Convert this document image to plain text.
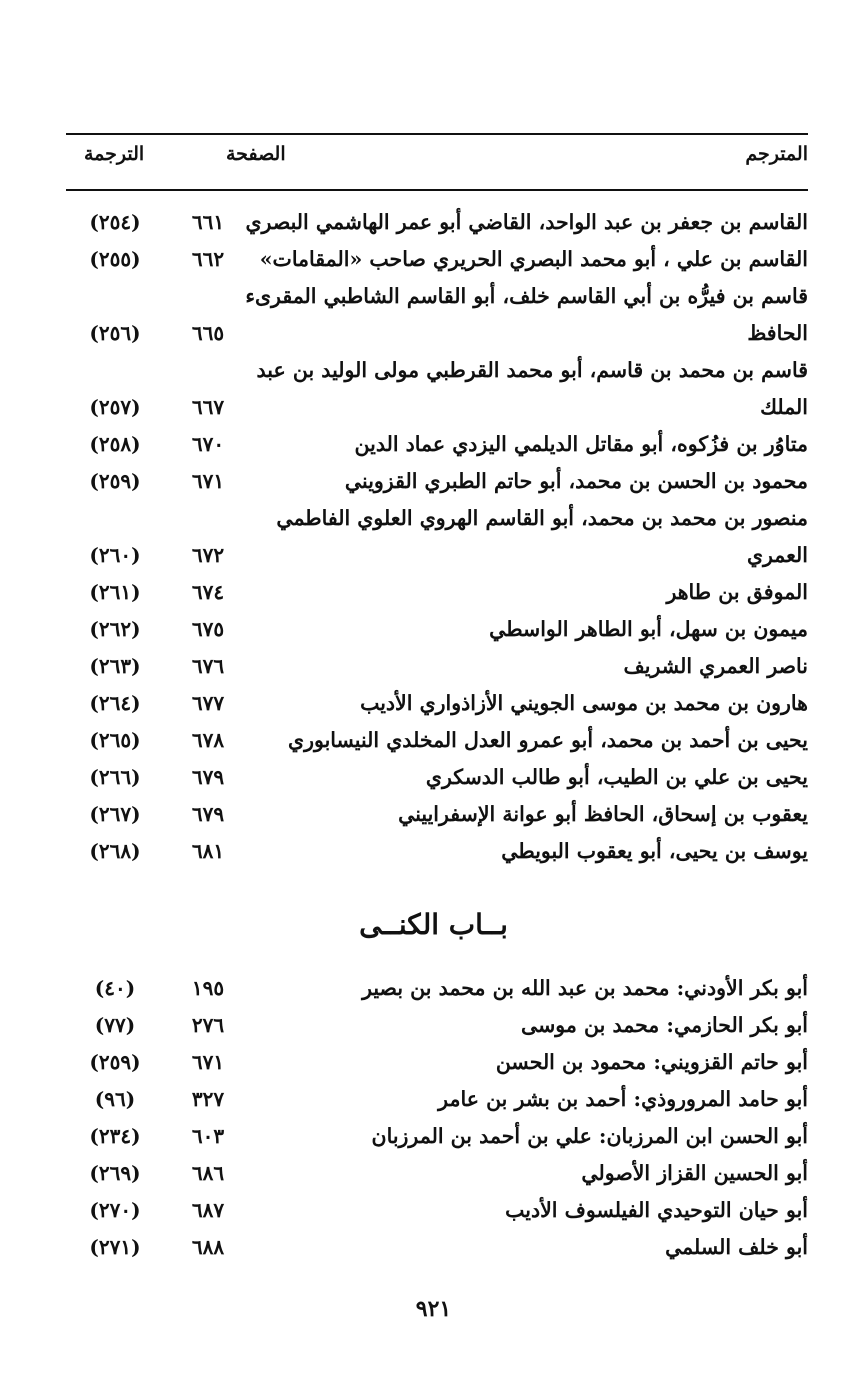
المترجم
الصفحة
الترجمة
القاسم بن جعفر بن عبد الواحد، القاضي أبو عمر الهاشمي البصري
٦٦١
(٢٥٤)
القاسم بن علي ، أبو محمد البصري الحريري صاحب «المقامات»
٦٦٢
(٢٥٥)
قاسم بن فيرُّه بن أبي القاسم خلف، أبو القاسم الشاطبي المقرىء
الحافظ
٦٦٥
(٢٥٦)
قاسم بن محمد بن قاسم، أبو محمد القرطبي مولى الوليد بن عبد
الملك
٦٦٧
(٢٥٧)
متاوُر بن فزُكوه، أبو مقاتل الديلمي اليزدي عماد الدين
٦٧٠
(٢٥٨)
محمود بن الحسن بن محمد، أبو حاتم الطبري القزويني
٦٧١
(٢٥٩)
منصور بن محمد بن محمد، أبو القاسم الهروي العلوي الفاطمي
العمري
٦٧٢
(٢٦٠)
الموفق بن طاهر
٦٧٤
(٢٦١)
ميمون بن سهل، أبو الطاهر الواسطي
٦٧٥
(٢٦٢)
ناصر العمري الشريف
٦٧٦
(٢٦٣)
هارون بن محمد بن موسى الجويني الأزاذواري الأديب
٦٧٧
(٢٦٤)
يحيى بن أحمد بن محمد، أبو عمرو العدل المخلدي النيسابوري
٦٧٨
(٢٦٥)
يحيى بن علي بن الطيب، أبو طالب الدسكري
٦٧٩
(٢٦٦)
يعقوب بن إسحاق، الحافظ أبو عوانة الإسفراييني
٦٧٩
(٢٦٧)
يوسف بن يحيى، أبو يعقوب البويطي
٦٨١
(٢٦٨)
بــاب الكنــى
أبو بكر الأودني: محمد بن عبد الله بن محمد بن بصير
١٩٥
(٤٠)
أبو بكر الحازمي: محمد بن موسى
٢٧٦
(٧٧)
أبو حاتم القزويني: محمود بن الحسن
٦٧١
(٢٥٩)
أبو حامد المروروذي: أحمد بن بشر بن عامر
٣٢٧
(٩٦)
أبو الحسن ابن المرزبان: علي بن أحمد بن المرزبان
٦٠٣
(٢٣٤)
أبو الحسين القزاز الأصولي
٦٨٦
(٢٦٩)
أبو حيان التوحيدي الفيلسوف الأديب
٦٨٧
(٢٧٠)
أبو خلف السلمي
٦٨٨
(٢٧١)
٩٢١
